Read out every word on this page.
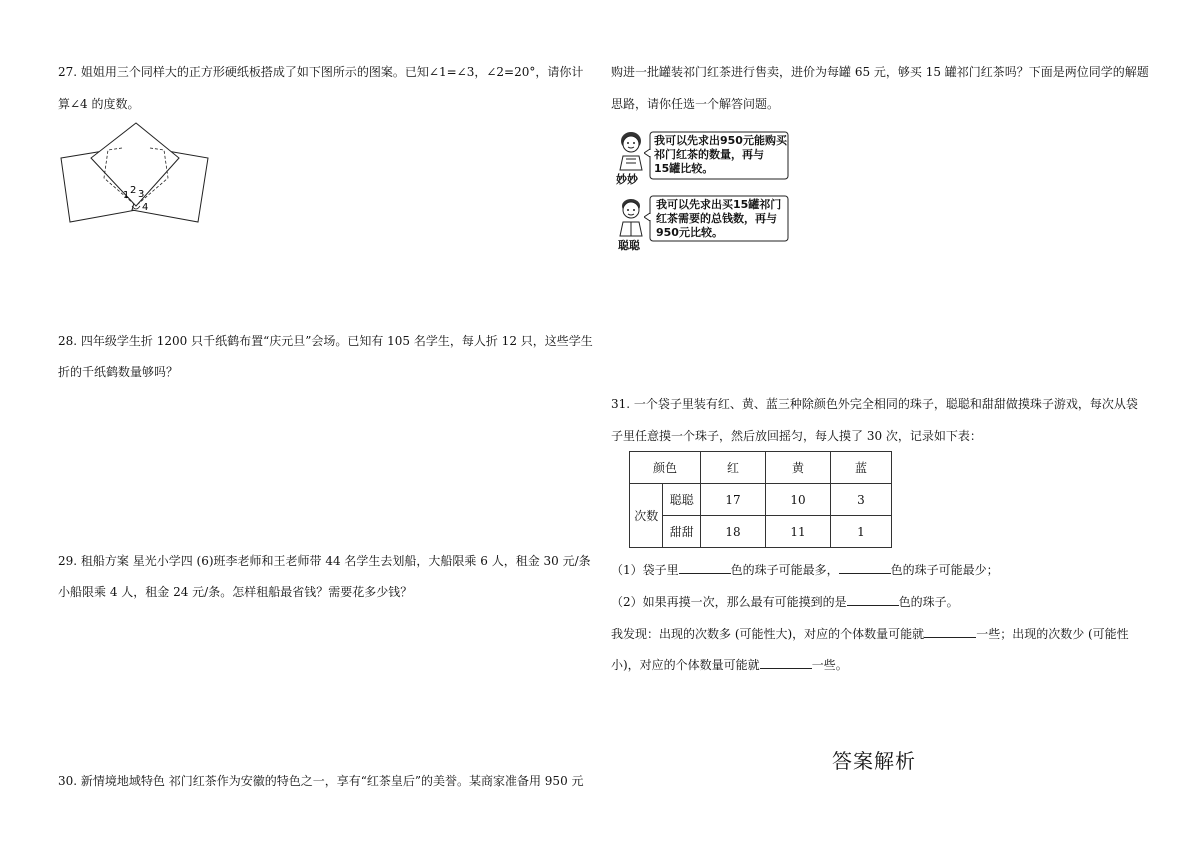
27. 姐姐用三个同样大的正方形硬纸板搭成了如下图所示的图案。已知∠1=∠3，∠2=20°，请你计
算∠4 的度数。
1 2 3
4
28. 四年级学生折 1200 只千纸鹤布置“庆元旦”会场。已知有 105 名学生，每人折 12 只，这些学生
折的千纸鹤数量够吗？
29. 租船方案 星光小学四 (6)班李老师和王老师带 44 名学生去划船，大船限乘 6 人，租金 30 元/条
小船限乘 4 人，租金 24 元/条。怎样租船最省钱？需要花多少钱？
30. 新情境地域特色 祁门红茶作为安徽的特色之一，享有“红茶皇后”的美誉。某商家准备用 950 元
购进一批罐装祁门红茶进行售卖，进价为每罐 65 元，够买 15 罐祁门红茶吗？下面是两位同学的解题
思路，请你任选一个解答问题。
妙妙
我可以先求出950元能购买
祁门红茶的数量，再与
15罐比较。
聪聪
我可以先求出买15罐祁门
红茶需要的总钱数，再与
950元比较。
31. 一个袋子里装有红、黄、蓝三种除颜色外完全相同的珠子，聪聪和甜甜做摸珠子游戏，每次从袋
子里任意摸一个珠子，然后放回摇匀，每人摸了 30 次，记录如下表：
颜色		红	黄	蓝
次数	聪聪	17	10	3
	甜甜	18	11	1
（1）袋子里	色的珠子可能最多，	色的珠子可能最少；
（2）如果再摸一次，那么最有可能摸到的是	色的珠子。
我发现：出现的次数多 (可能性大)，对应的个体数量可能就	一些；出现的次数少 (可能性
小)，对应的个体数量可能就	一些。
答案解析
